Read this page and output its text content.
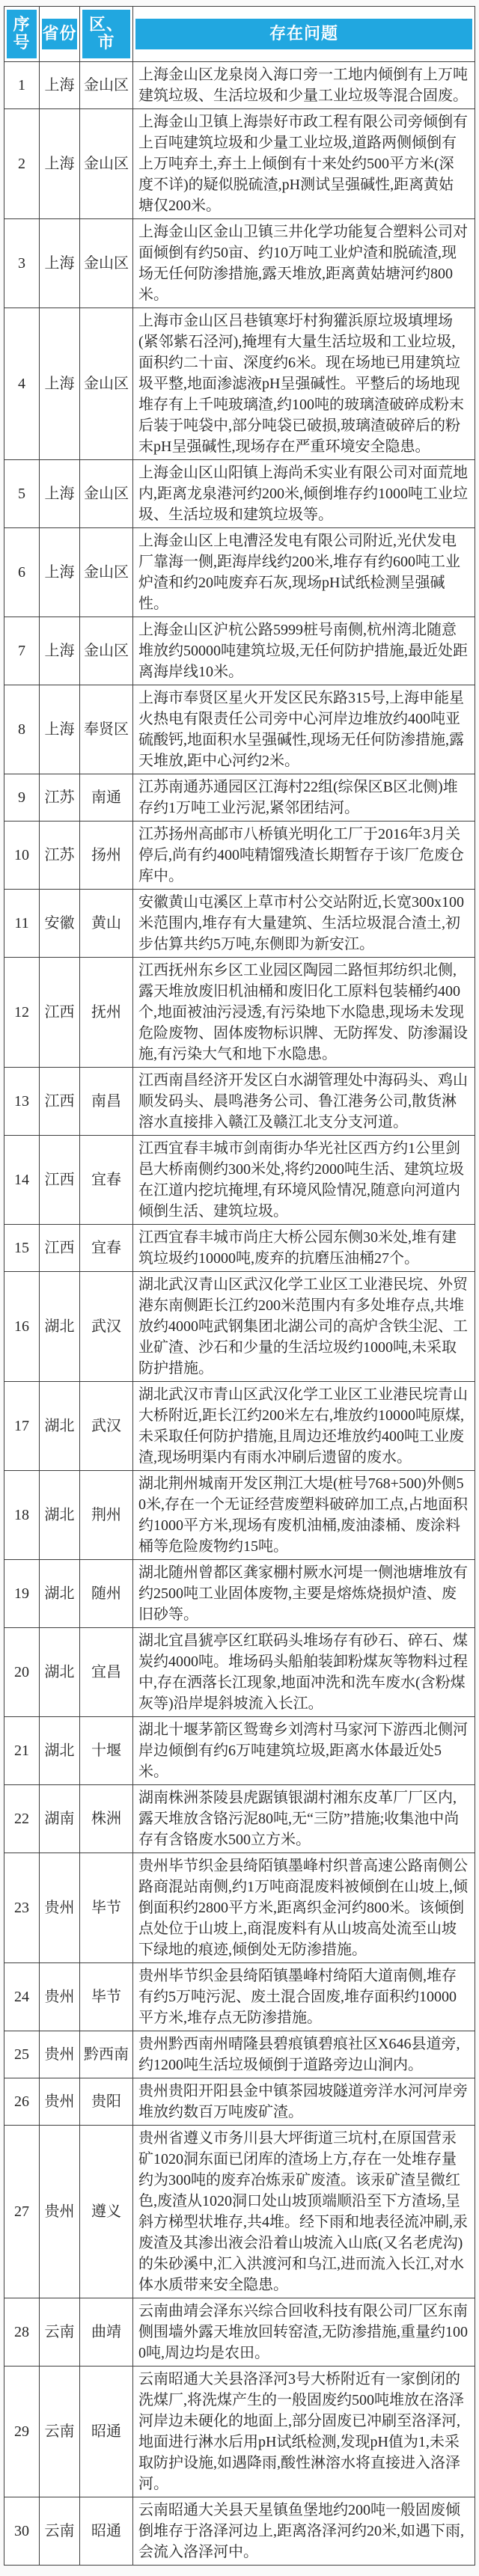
序号	省份	区、市	存在问题

1	上海	金山区	上海金山区龙泉岗入海口旁一工地内倾倒有上万吨建筑垃圾、生活垃圾和少量工业垃圾等混合固废。
2	上海	金山区	上海金山卫镇上海崇好市政工程有限公司旁倾倒有上百吨建筑垃圾和少量工业垃圾,道路两侧倾倒有上万吨弃土,弃土上倾倒有十来处约500平方米(深度不详)的疑似脱硫渣,pH测试呈强碱性,距离黄姑塘仅200米。
3	上海	金山区	上海金山区金山卫镇三井化学功能复合塑料公司对面倾倒有约50亩、约10万吨工业炉渣和脱硫渣,现场无任何防渗措施,露天堆放,距离黄姑塘河约800米。
4	上海	金山区	上海市金山区吕巷镇寒圩村狗獾浜原垃圾填埋场(紧邻紫石泾河),掩埋有大量生活垃圾和工业垃圾,面积约二十亩、深度约6米。现在场地已用建筑垃圾平整,地面渗滤液pH呈强碱性。平整后的场地现堆存有上千吨玻璃渣,约100吨的玻璃渣破碎成粉末后装于吨袋中,部分吨袋已破损,玻璃渣破碎后的粉末pH呈强碱性,现场存在严重环境安全隐患。
5	上海	金山区	上海金山区山阳镇上海尚禾实业有限公司对面荒地内,距离龙泉港河约200米,倾倒堆存约1000吨工业垃圾、生活垃圾和建筑垃圾等。
6	上海	金山区	上海金山区上电漕泾发电有限公司附近,光伏发电厂靠海一侧,距海岸线约200米,堆存有约600吨工业炉渣和约20吨废弃石灰,现场pH试纸检测呈强碱性。
7	上海	金山区	上海金山区沪杭公路5999桩号南侧,杭州湾北随意堆放约50000吨建筑垃圾,无任何防护措施,最近处距离海岸线10米。
8	上海	奉贤区	上海市奉贤区星火开发区民东路315号,上海申能星火热电有限责任公司旁中心河岸边堆放约400吨亚硫酸钙,地面积水呈强碱性,现场无任何防渗措施,露天堆放,距中心河约2米。
9	江苏	南通	江苏南通苏通园区江海村22组(综保区B区北侧)堆存约1万吨工业污泥,紧邻团结河。
10	江苏	扬州	江苏扬州高邮市八桥镇光明化工厂于2016年3月关停后,尚有约400吨精馏残渣长期暂存于该厂危废仓库中。
11	安徽	黄山	安徽黄山屯溪区上草市村公交站附近,长宽300x100米范围内,堆存有大量建筑、生活垃圾混合渣土,初步估算共约5万吨,东侧即为新安江。
12	江西	抚州	江西抚州东乡区工业园区陶园二路恒邦纺织北侧,露天堆放废旧机油桶和废旧化工原料包装桶约400个,地面被油污浸透,有污染地下水隐患,现场未发现危险废物、固体废物标识牌、无防挥发、防渗漏设施,有污染大气和地下水隐患。
13	江西	南昌	江西南昌经济开发区白水湖管理处中海码头、鸡山顺发码头、晨鸣港务公司、鲁江港务公司,散货淋溶水直接排入赣江及赣江北支分支河道。
14	江西	宜春	江西宜春丰城市剑南街办华光社区西方约1公里剑邑大桥南侧约300米处,将约2000吨生活、建筑垃圾在江道内挖坑掩埋,有环境风险情况,随意向河道内倾倒生活、建筑垃圾。
15	江西	宜春	江西宜春丰城市尚庄大桥公园东侧30米处,堆有建筑垃圾约10000吨,废弃的抗磨压油桶27个。
16	湖北	武汉	湖北武汉青山区武汉化学工业区工业港民垸、外贸港东南侧距长江约200米范围内有多处堆存点,共堆放约4000吨武钢集团北湖公司的高炉含铁尘泥、工业矿渣、沙石和少量的生活垃圾约1000吨,未采取防护措施。
17	湖北	武汉	湖北武汉市青山区武汉化学工业区工业港民垸青山大桥附近,距长江约200米左右,堆放约10000吨原煤,未采取任何防护措施,且周边还堆放约400吨工业废渣,现场明渠内有雨水冲刷后遗留的废水。
18	湖北	荆州	湖北荆州城南开发区荆江大堤(桩号768+500)外侧50米,存在一个无证经营废塑料破碎加工点,占地面积约1000平方米,现场有废机油桶,废油漆桶、废涂料桶等危险废物约15吨。
19	湖北	随州	湖北随州曾都区龚家棚村厥水河堤一侧池塘堆放有约2500吨工业固体废物,主要是熔炼烧损炉渣、废旧砂等。
20	湖北	宜昌	湖北宜昌猇亭区红联码头堆场存有砂石、碎石、煤炭约4000吨。堆场码头船舶装卸粉煤灰等物料过程中,存在洒落长江现象,地面冲洗和洗车废水(含粉煤灰等)沿岸堤斜坡流入长江。
21	湖北	十堰	湖北十堰茅箭区鸳鸯乡刘湾村马家河下游西北侧河岸边倾倒有约6万吨建筑垃圾,距离水体最近处5米。
22	湖南	株洲	湖南株洲茶陵县虎踞镇银湖村湘东皮革厂厂区内,露天堆放含铬污泥80吨,无“三防”措施;收集池中尚存有含铬废水500立方米。
23	贵州	毕节	贵州毕节织金县绮陌镇墨峰村织普高速公路南侧公路商混站南侧,约1万吨商混废料被倾倒在山坡上,倾倒面积约2800平方米,距离织金河约800米。该倾倒点处位于山坡上,商混废料有从山坡高处流至山坡下绿地的痕迹,倾倒处无防渗措施。
24	贵州	毕节	贵州毕节织金县绮陌镇墨峰村绮陌大道南侧,堆存有约5万吨污泥、废土混合固废,堆存面积约10000平方米,堆存点无防渗措施。
25	贵州	黔西南	贵州黔西南州晴隆县碧痕镇碧痕社区X646县道旁,约1200吨生活垃圾倾倒于道路旁边山涧内。
26	贵州	贵阳	贵州贵阳开阳县金中镇茶园坡隧道旁洋水河河岸旁堆放约数百万吨废矿渣。
27	贵州	遵义	贵州省遵义市务川县大坪街道三坑村,在原国营汞矿1020洞东面已闭库的渣场上方,存在一处堆存量约为300吨的废弃冶炼汞矿废渣。该汞矿渣呈微红色,废渣从1020洞口处山坡顶端顺沿至下方渣场,呈斜方梯型状堆存,共4堆。经下雨和地表径流冲刷,汞废渣及其渗出液会沿着山坡流入山底(又名老虎沟)的朱砂溪中,汇入洪渡河和乌江,进而流入长江,对水体水质带来安全隐患。
28	云南	曲靖	云南曲靖会泽东兴综合回收科技有限公司厂区东南侧围墙外露天堆放回转窑渣,无防渗措施,重量约1000吨,周边均是农田。
29	云南	昭通	云南昭通大关县洛泽河3号大桥附近有一家倒闭的洗煤厂,将洗煤产生的一般固废约500吨堆放在洛泽河岸边未硬化的地面上,部分固废已冲刷至洛泽河,地面进行淋水后用pH试纸检测,发现pH值为1,未采取防护设施,如遇降雨,酸性淋溶水将直接进入洛泽河。
30	云南	昭通	云南昭通大关县天星镇鱼堡地约200吨一般固废倾倒堆存于洛泽河边上,距离洛泽河约20米,如遇下雨,会流入洛泽河中。
